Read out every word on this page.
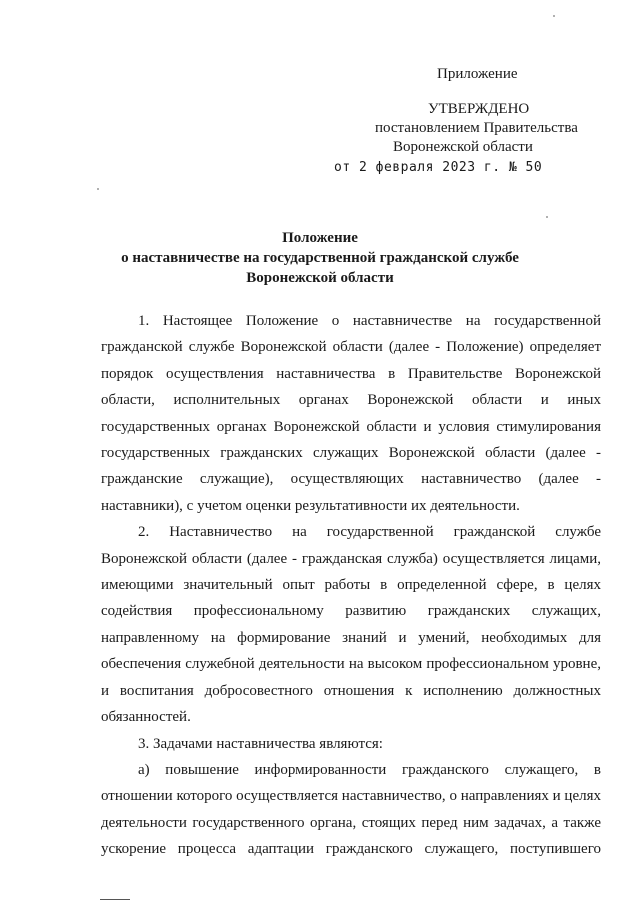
Приложение
УТВЕРЖДЕНО
постановлением Правительства
Воронежской области
от 2 февраля 2023 г. № 50
Положение
о наставничестве на государственной гражданской службе
Воронежской области

1. Настоящее Положение о наставничестве на государственной гражданской службе Воронежской области (далее - Положение) определяет порядок осуществления наставничества в Правительстве Воронежской области, исполнительных органах Воронежской области и иных государственных органах Воронежской области и условия стимулирования государственных гражданских служащих Воронежской области (далее - гражданские служащие), осуществляющих наставничество (далее - наставники), с учетом оценки результативности их деятельности.

2. Наставничество на государственной гражданской службе Воронежской области (далее - гражданская служба) осуществляется лицами, имеющими значительный опыт работы в определенной сфере, в целях содействия профессиональному развитию гражданских служащих, направленному на формирование знаний и умений, необходимых для обеспечения служебной деятельности на высоком профессиональном уровне, и воспитания добросовестного отношения к исполнению должностных обязанностей.

3. Задачами наставничества являются:

а) повышение информированности гражданского служащего, в отношении которого осуществляется наставничество, о направлениях и целях деятельности государственного органа, стоящих перед ним задачах, а также ускорение процесса адаптации гражданского служащего, поступившего
